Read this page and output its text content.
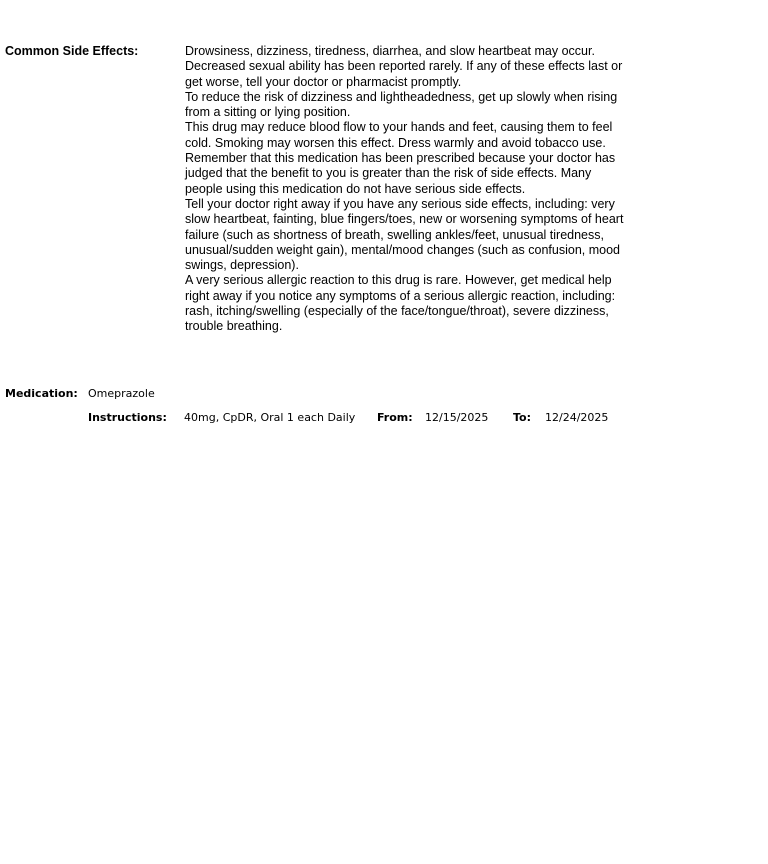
Common Side Effects:	Drowsiness, dizziness, tiredness, diarrhea, and slow heartbeat may occur. Decreased sexual ability has been reported rarely. If any of these effects last or get worse, tell your doctor or pharmacist promptly.

To reduce the risk of dizziness and lightheadedness, get up slowly when rising from a sitting or lying position.

This drug may reduce blood flow to your hands and feet, causing them to feel cold. Smoking may worsen this effect. Dress warmly and avoid tobacco use.

Remember that this medication has been prescribed because your doctor has judged that the benefit to you is greater than the risk of side effects. Many people using this medication do not have serious side effects.

Tell your doctor right away if you have any serious side effects, including: very slow heartbeat, fainting, blue fingers/toes, new or worsening symptoms of heart failure (such as shortness of breath, swelling ankles/feet, unusual tiredness, unusual/sudden weight gain), mental/mood changes (such as confusion, mood swings, depression).

A very serious allergic reaction to this drug is rare. However, get medical help right away if you notice any symptoms of a serious allergic reaction, including: rash, itching/swelling (especially of the face/tongue/throat), severe dizziness, trouble breathing.

Medication: Omeprazole
Instructions: 40mg, CpDR, Oral 1 each Daily From: 12/15/2025 To: 12/24/2025
